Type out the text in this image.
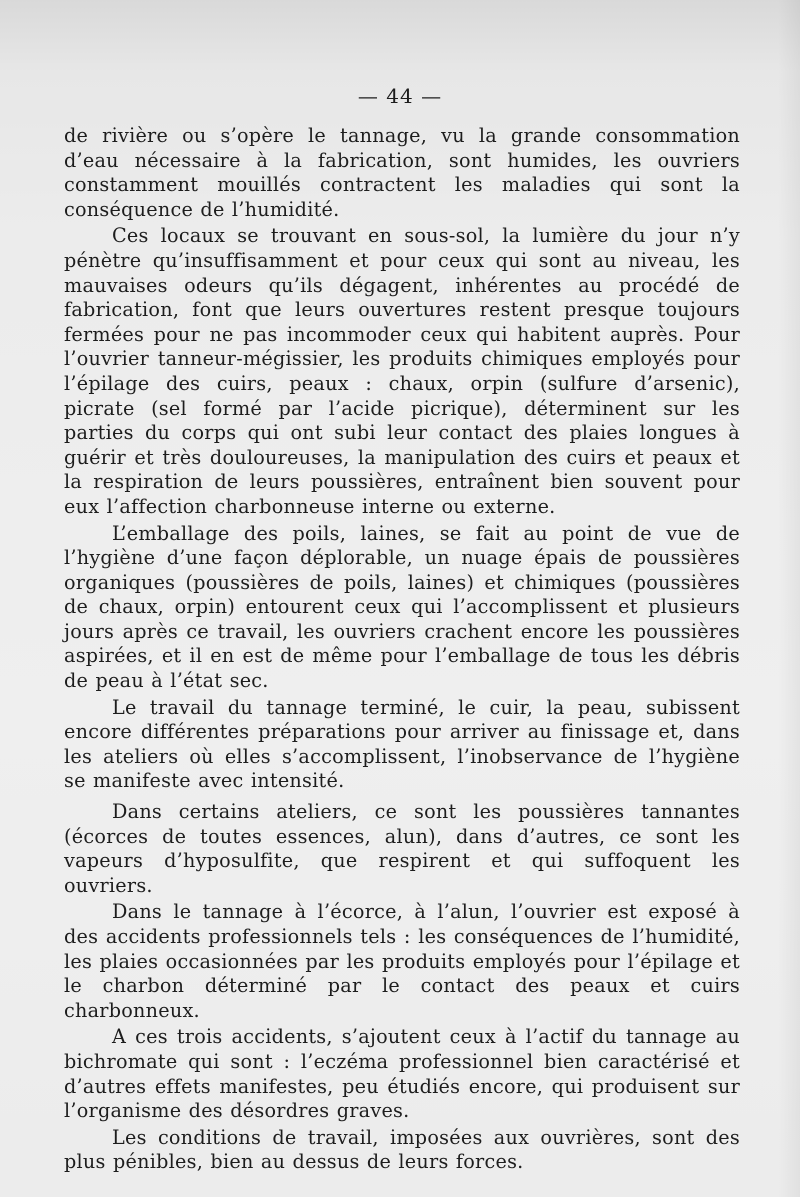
— 44 —

de rivière ou s’opère le tannage, vu la grande consommation d’eau nécessaire à la fabrication, sont humides, les ouvriers constamment mouillés contractent les maladies qui sont la conséquence de l’humidité.

Ces locaux se trouvant en sous-sol, la lumière du jour n’y pénètre qu’insuffisamment et pour ceux qui sont au niveau, les mauvaises odeurs qu’ils dégagent, inhérentes au procédé de fabrication, font que leurs ouvertures restent presque toujours fermées pour ne pas incommoder ceux qui habitent auprès. Pour l’ouvrier tanneur-mégissier, les produits chimiques employés pour l’épilage des cuirs, peaux : chaux, orpin (sulfure d’arsenic), picrate (sel formé par l’acide picrique), déterminent sur les parties du corps qui ont subi leur contact des plaies longues à guérir et très douloureuses, la manipulation des cuirs et peaux et la respiration de leurs poussières, entraînent bien souvent pour eux l’affection charbonneuse interne ou externe.

L’emballage des poils, laines, se fait au point de vue de l’hygiène d’une façon déplorable, un nuage épais de poussières organiques (poussières de poils, laines) et chimiques (poussières de chaux, orpin) entourent ceux qui l’accomplissent et plusieurs jours après ce travail, les ouvriers crachent encore les poussières aspirées, et il en est de même pour l’emballage de tous les débris de peau à l’état sec.

Le travail du tannage terminé, le cuir, la peau, subissent encore différentes préparations pour arriver au finissage et, dans les ateliers où elles s’accomplissent, l’inobservance de l’hygiène se manifeste avec intensité.

Dans certains ateliers, ce sont les poussières tannantes (écorces de toutes essences, alun), dans d’autres, ce sont les vapeurs d’hyposulfite, que respirent et qui suffoquent les ouvriers.

Dans le tannage à l’écorce, à l’alun, l’ouvrier est exposé à des accidents professionnels tels : les conséquences de l’humidité, les plaies occasionnées par les produits employés pour l’épilage et le charbon déterminé par le contact des peaux et cuirs charbonneux.

A ces trois accidents, s’ajoutent ceux à l’actif du tannage au bichromate qui sont : l’eczéma professionnel bien caractérisé et d’autres effets manifestes, peu étudiés encore, qui produisent sur l’organisme des désordres graves.

Les conditions de travail, imposées aux ouvrières, sont des plus pénibles, bien au dessus de leurs forces.
